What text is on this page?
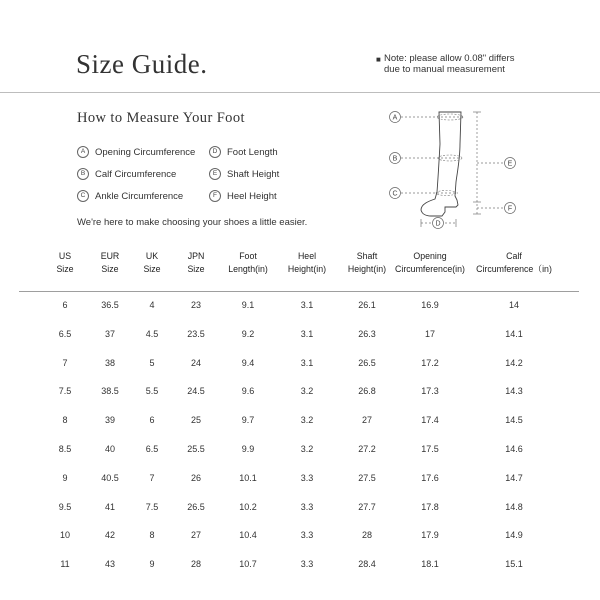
Size Guide.	■ Note: please allow 0.08" differs
due to manual measurement
How to Measure Your Foot
A	Opening Circumference
B	Calf Circumference
C	Ankle Circumference
D	Foot Length
E	Shaft Height
F	Heel Height
We're here to make choosing your shoes a little easier.
A
B
C
D
E
F
US
Size
EUR
Size
UK
Size
JPN
Size
Foot
Length(in)
Heel
Height(in)
Shaft
Height(in)
Opening
Circumference(in)
Calf
Circumference（in)
6	36.5	4	23	9.1	3.1	26.1	16.9	14
6.5	37	4.5	23.5	9.2	3.1	26.3	17	14.1
7	38	5	24	9.4	3.1	26.5	17.2	14.2
7.5	38.5	5.5	24.5	9.6	3.2	26.8	17.3	14.3
8	39	6	25	9.7	3.2	27	17.4	14.5
8.5	40	6.5	25.5	9.9	3.2	27.2	17.5	14.6
9	40.5	7	26	10.1	3.3	27.5	17.6	14.7
9.5	41	7.5	26.5	10.2	3.3	27.7	17.8	14.8
10	42	8	27	10.4	3.3	28	17.9	14.9
11	43	9	28	10.7	3.3	28.4	18.1	15.1
